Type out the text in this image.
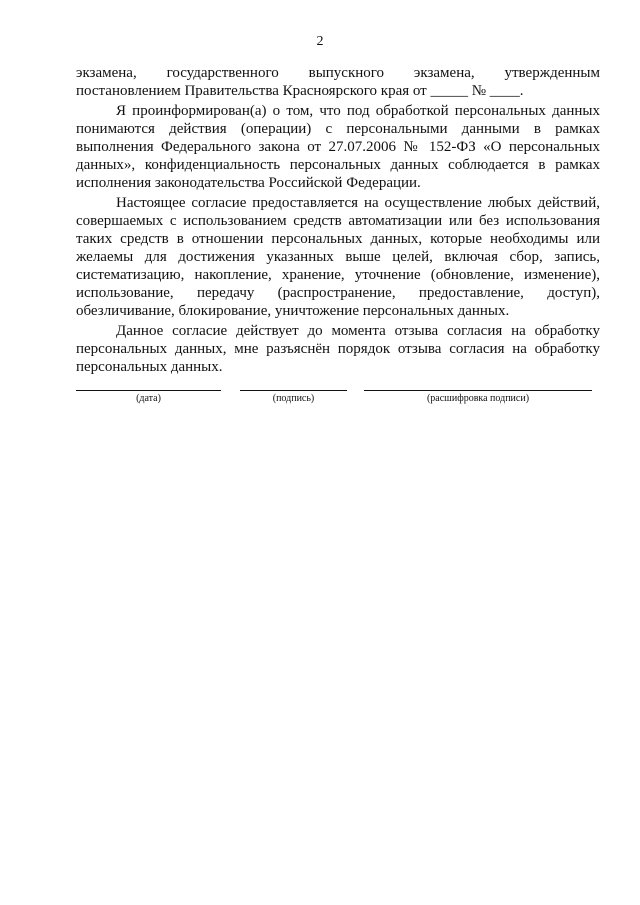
2

экзамена, государственного выпускного экзамена, утвержденным
постановлением Правительства Красноярского края от _____ № ____.

Я проинформирован(а) о том, что под обработкой персональных данных понимаются действия (операции) с персональными данными в рамках выполнения Федерального закона от 27.07.2006 № 152-ФЗ «О персональных данных», конфиденциальность персональных данных соблюдается в рамках исполнения законодательства Российской Федерации.

Настоящее согласие предоставляется на осуществление любых действий, совершаемых с использованием средств автоматизации или без использования таких средств в отношении персональных данных, которые необходимы или желаемы для достижения указанных выше целей, включая сбор, запись, систематизацию, накопление, хранение, уточнение (обновление, изменение), использование, передачу (распространение, предоставление, доступ), обезличивание, блокирование, уничтожение персональных данных.

Данное согласие действует до момента отзыва согласия на обработку персональных данных, мне разъяснён порядок отзыва согласия на обработку персональных данных.

(дата)	(подпись)	(расшифровка подписи)
